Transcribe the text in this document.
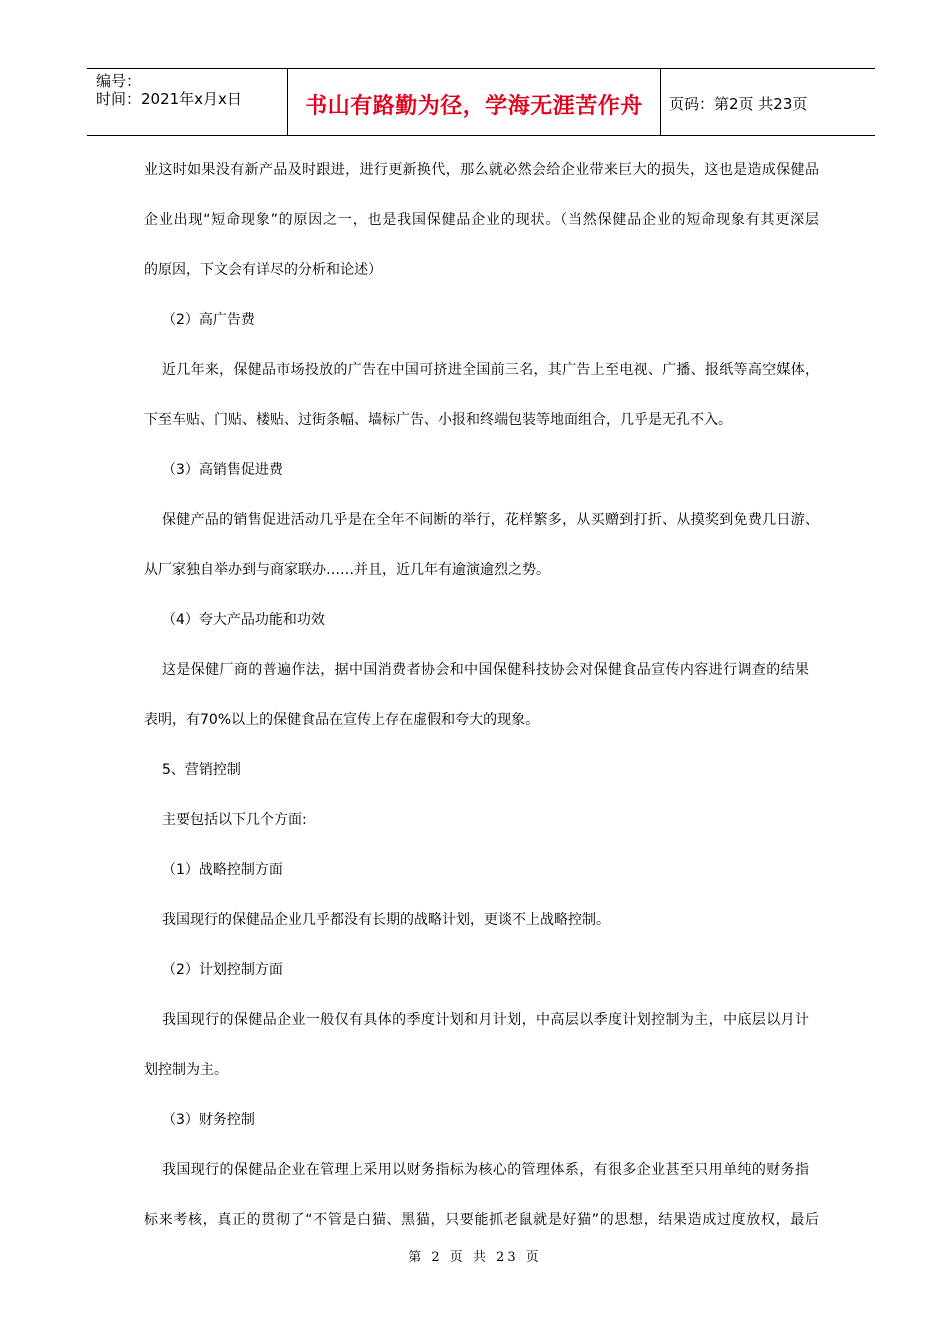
编号：
时间：2021年x月x日	书山有路勤为径，学海无涯苦作舟	页码：第2页 共23页
业这时如果没有新产品及时跟进，进行更新换代，那么就必然会给企业带来巨大的损失，这也是造成保健品
企业出现“短命现象”的原因之一，也是我国保健品企业的现状。（当然保健品企业的短命现象有其更深层
的原因，下文会有详尽的分析和论述）
（2）高广告费
近几年来，保健品市场投放的广告在中国可挤进全国前三名，其广告上至电视、广播、报纸等高空媒体，
下至车贴、门贴、楼贴、过街条幅、墙标广告、小报和终端包装等地面组合，几乎是无孔不入。
（3）高销售促进费
保健产品的销售促进活动几乎是在全年不间断的举行，花样繁多，从买赠到打折、从摸奖到免费几日游、
从厂家独自举办到与商家联办……并且，近几年有逾演逾烈之势。
（4）夸大产品功能和功效
这是保健厂商的普遍作法，据中国消费者协会和中国保健科技协会对保健食品宣传内容进行调查的结果
表明，有70%以上的保健食品在宣传上存在虚假和夸大的现象。
5、营销控制
主要包括以下几个方面:
（1）战略控制方面
我国现行的保健品企业几乎都没有长期的战略计划，更谈不上战略控制。
（2）计划控制方面
我国现行的保健品企业一般仅有具体的季度计划和月计划，中高层以季度计划控制为主，中底层以月计
划控制为主。
（3）财务控制
我国现行的保健品企业在管理上采用以财务指标为核心的管理体系，有很多企业甚至只用单纯的财务指
标来考核，真正的贯彻了“不管是白猫、黑猫，只要能抓老鼠就是好猫”的思想，结果造成过度放权，最后
第 2 页 共 23 页
